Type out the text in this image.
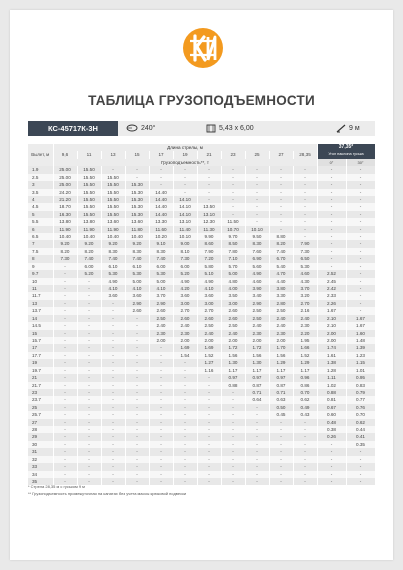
ТАБЛИЦА ГРУЗОПОДЪЕМНОСТИ
КС-45717К-3Н	240°	5,43 x 6,00	9 м
Вылет, м	Длина стрелы, м											37,35*	
	9,6	11	13	15	17	19	21	23	25	27	28,35	Угол наклона гуська	
	Грузоподъемность**, т											0°	30°
1.9	25.00	15.50	-	-	-	-	-	-	-	-	-	-	-
2.5	25.00	15.50	15.50	-	-	-	-	-	-	-	-	-	-
3	25.00	15.50	15.50	15.30	-	-	-	-	-	-	-	-	-
3.5	24.20	15.50	15.50	15.30	14.40	-	-	-	-	-	-	-	-
4	21.20	15.50	15.50	15.30	14.40	14.10	-	-	-	-	-	-	-
4.5	18.70	15.50	15.50	15.30	14.40	14.10	13.50	-	-	-	-	-	-
5	16.30	15.50	15.50	15.30	14.40	14.10	13.10	-	-	-	-	-	-
5.5	13.80	13.80	13.60	13.60	13.30	13.10	12.30	11.50	-	-	-	-	-
6	11.90	11.90	11.90	11.80	11.60	11.40	11.30	10.70	10.10	-	-	-	-
6.5	10.40	10.40	10.40	10.40	10.20	10.10	9.90	9.70	9.50	8.80	-	-	-
7	9.20	9.20	9.20	9.20	9.10	9.00	8.60	8.50	8.30	8.20	7.90	-	-
7.5	8.20	8.20	8.30	8.30	8.30	8.10	7.90	7.80	7.60	7.40	7.30	-	-
8	7.30	7.40	7.40	7.40	7.40	7.30	7.20	7.10	6.90	6.70	6.50	-	-
9	-	6.00	6.10	6.10	6.00	6.00	5.80	5.70	5.60	5.40	5.30	-	-
9.7	-	5.20	5.30	5.30	5.30	5.20	5.10	5.00	4.90	4.70	4.60	2.52	-
10	-	-	4.90	5.00	5.00	4.90	4.90	4.80	4.60	4.40	4.30	2.45	-
11	-	-	4.10	4.10	4.10	4.20	4.10	4.00	3.90	3.80	3.70	2.42	-
11.7	-	-	3.60	3.60	3.70	3.60	3.60	3.50	3.40	3.30	3.20	2.33	-
13	-	-	-	2.90	2.90	3.00	3.00	3.00	2.90	2.80	2.70	2.26	-
13.7	-	-	-	2.60	2.60	2.70	2.70	2.60	2.50	2.50	2.16	1.67	-
14	-	-	-	-	2.50	2.60	2.60	2.60	2.50	2.40	2.40	2.10	1.67
14.5	-	-	-	-	2.40	2.40	2.50	2.50	2.40	2.40	2.30	2.10	1.67
15	-	-	-	-	2.30	2.30	2.40	2.40	2.30	2.30	2.20	2.00	1.60
15.7	-	-	-	-	2.00	2.00	2.00	2.00	2.00	2.00	1.95	2.00	1.48
17	-	-	-	-	-	1.69	1.69	1.72	1.72	1.70	1.66	1.74	1.39
17.7	-	-	-	-	-	1.54	1.52	1.56	1.56	1.56	1.52	1.61	1.23
19	-	-	-	-	-	-	1.27	1.30	1.30	1.29	1.29	1.38	1.15
19.7	-	-	-	-	-	-	1.16	1.17	1.17	1.17	1.17	1.28	1.01
21	-	-	-	-	-	-	-	0.97	0.97	0.97	0.96	1.11	0.95
21.7	-	-	-	-	-	-	-	0.88	0.87	0.87	0.86	1.02	0.83
23	-	-	-	-	-	-	-	-	0.71	0.71	0.70	0.88	0.79
23.7	-	-	-	-	-	-	-	-	0.64	0.63	0.62	0.81	0.77
25	-	-	-	-	-	-	-	-	-	0.50	0.49	0.67	0.76
25.7	-	-	-	-	-	-	-	-	-	0.45	0.43	0.60	0.70
27	-	-	-	-	-	-	-	-	-	-	-	0.48	0.62
28	-	-	-	-	-	-	-	-	-	-	-	0.38	0.44
29	-	-	-	-	-	-	-	-	-	-	-	0.26	0.41
30	-	-	-	-	-	-	-	-	-	-	-	-	0.35
31	-	-	-	-	-	-	-	-	-	-	-	-	-
32	-	-	-	-	-	-	-	-	-	-	-	-	-
33	-	-	-	-	-	-	-	-	-	-	-	-	-
34	-	-	-	-	-	-	-	-	-	-	-	-	-
35	-	-	-	-	-	-	-	-	-	-	-	-	-
* Стрела 28,35 м с гуськом 9 м
** Грузоподъемность промежуточная на канатах без учета массы крюковой подвески
